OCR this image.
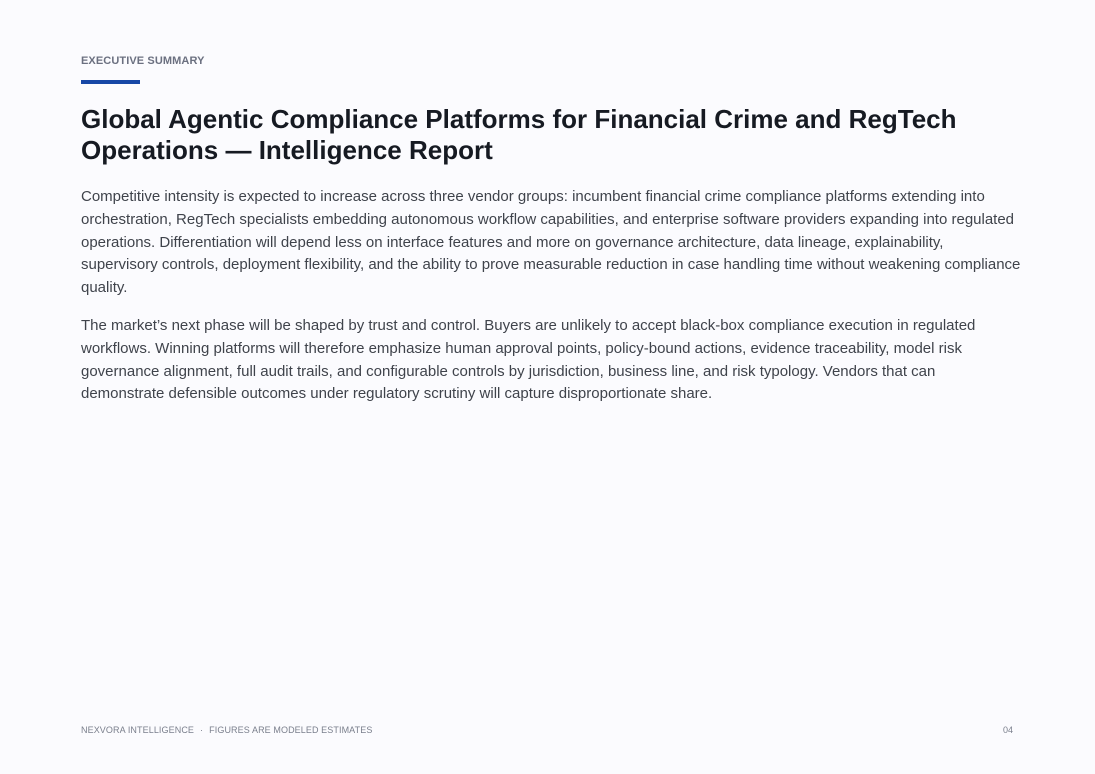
EXECUTIVE SUMMARY
Global Agentic Compliance Platforms for Financial Crime and RegTech Operations — Intelligence Report

Competitive intensity is expected to increase across three vendor groups: incumbent financial crime compliance platforms extending into orchestration, RegTech specialists embedding autonomous workflow capabilities, and enterprise software providers expanding into regulated operations. Differentiation will depend less on interface features and more on governance architecture, data lineage, explainability, supervisory controls, deployment flexibility, and the ability to prove measurable reduction in case handling time without weakening compliance quality.

The market’s next phase will be shaped by trust and control. Buyers are unlikely to accept black-box compliance execution in regulated workflows. Winning platforms will therefore emphasize human approval points, policy-bound actions, evidence traceability, model risk governance alignment, full audit trails, and configurable controls by jurisdiction, business line, and risk typology. Vendors that can demonstrate defensible outcomes under regulatory scrutiny will capture disproportionate share.

NEXVORA INTELLIGENCE · FIGURES ARE MODELED ESTIMATES	04
